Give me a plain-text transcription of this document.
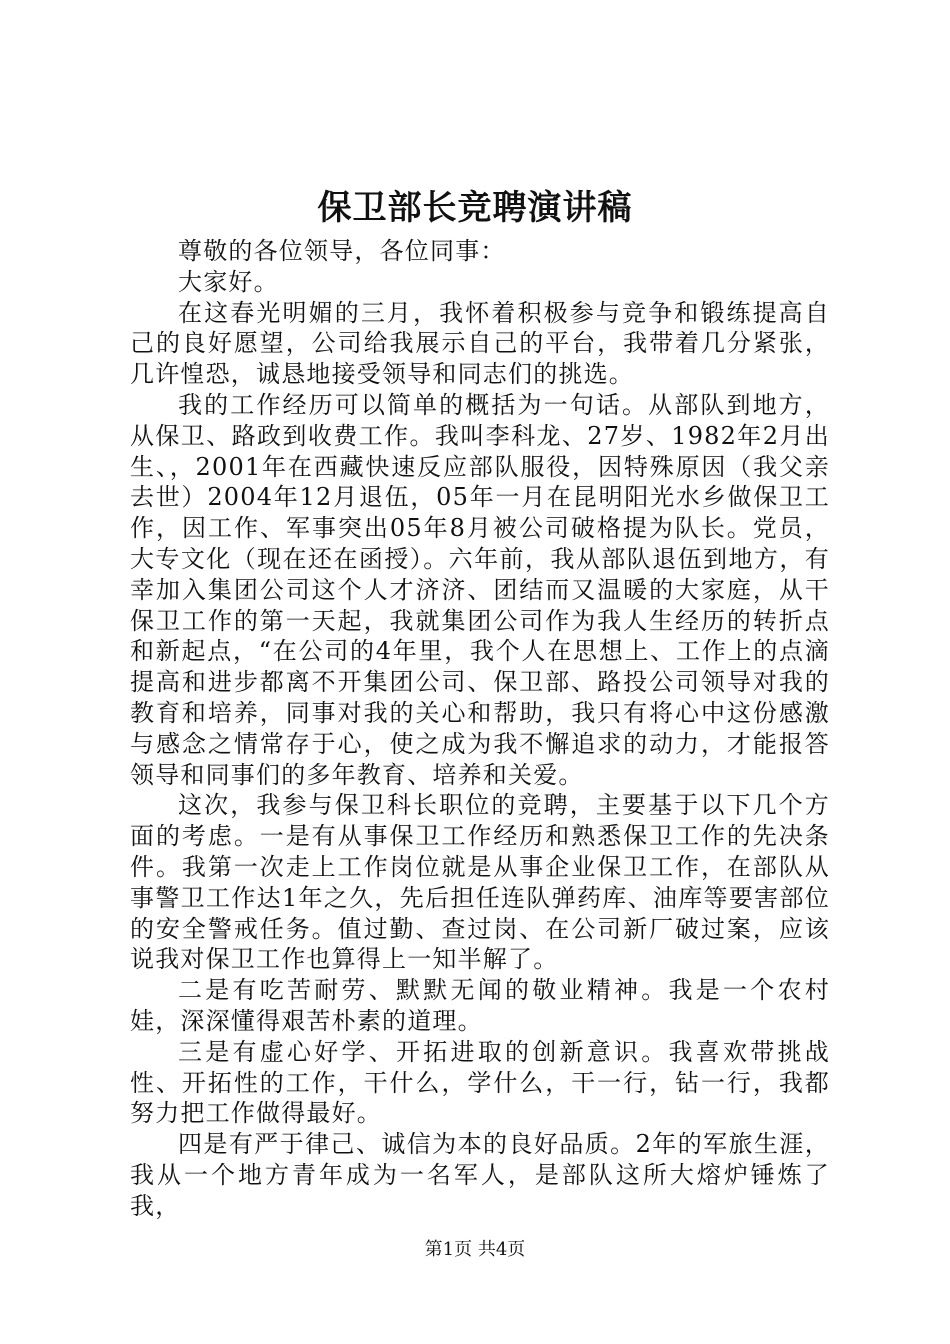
保卫部长竞聘演讲稿

尊敬的各位领导，各位同事：

大家好。

在这春光明媚的三月，我怀着积极参与竞争和锻练提高自己的良好愿望，公司给我展示自己的平台，我带着几分紧张，几许惶恐，诚恳地接受领导和同志们的挑选。

我的工作经历可以简单的概括为一句话。从部队到地方，从保卫、路政到收费工作。我叫李科龙、27岁、1982年2月出生、，2001年在西藏快速反应部队服役，因特殊原因（我父亲去世）2004年12月退伍，05年一月在昆明阳光水乡做保卫工作，因工作、军事突出05年8月被公司破格提为队长。党员，大专文化（现在还在函授）。六年前，我从部队退伍到地方，有幸加入集团公司这个人才济济、团结而又温暖的大家庭，从干保卫工作的第一天起，我就集团公司作为我人生经历的转折点和新起点，“在公司的4年里，我个人在思想上、工作上的点滴提高和进步都离不开集团公司、保卫部、路投公司领导对我的教育和培养，同事对我的关心和帮助，我只有将心中这份感激与感念之情常存于心，使之成为我不懈追求的动力，才能报答领导和同事们的多年教育、培养和关爱。

这次，我参与保卫科长职位的竞聘，主要基于以下几个方面的考虑。一是有从事保卫工作经历和熟悉保卫工作的先决条件。我第一次走上工作岗位就是从事企业保卫工作，在部队从事警卫工作达1年之久，先后担任连队弹药库、油库等要害部位的安全警戒任务。值过勤、查过岗、在公司新厂破过案，应该说我对保卫工作也算得上一知半解了。

二是有吃苦耐劳、默默无闻的敬业精神。我是一个农村娃，深深懂得艰苦朴素的道理。

三是有虚心好学、开拓进取的创新意识。我喜欢带挑战性、开拓性的工作，干什么，学什么，干一行，钻一行，我都努力把工作做得最好。

四是有严于律己、诚信为本的良好品质。2年的军旅生涯，我从一个地方青年成为一名军人，是部队这所大熔炉锤炼了我，

第1页 共4页
